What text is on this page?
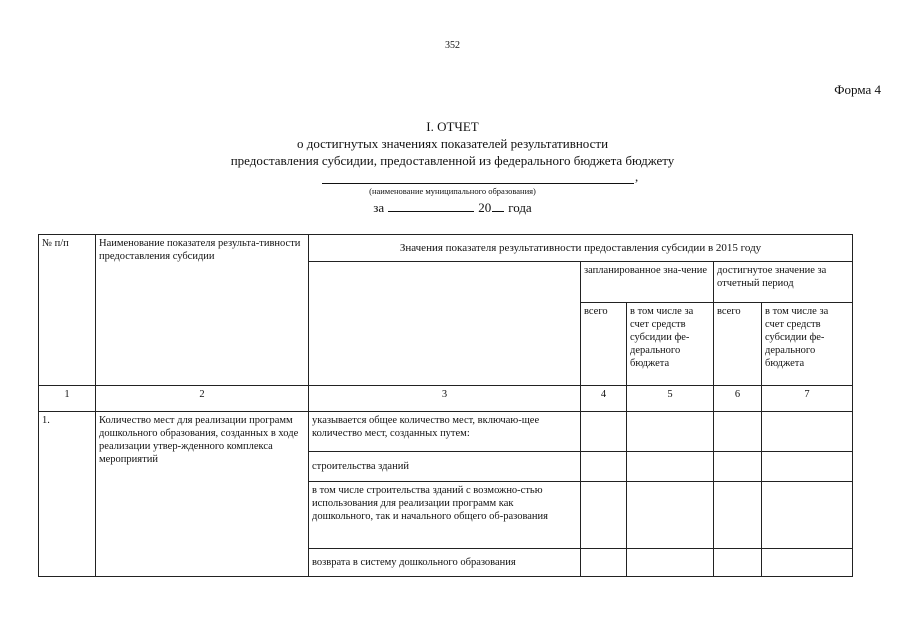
352
Форма 4
I. ОТЧЕТ
о достигнутых значениях показателей результативности
предоставления субсидии, предоставленной из федерального бюджета бюджету
,
(наименование муниципального образования)
за	20 года
№ п/п	Наименование показателя результа-тивности предоставления субсидии	Значения показателя результативности предоставления субсидии в 2015 году				
			запланированное зна-чение		достигнутое значение за отчетный период	
			всего	в том числе за счет средств субсидии фе-дерального бюджета	всего	в том числе за счет средств субсидии фе-дерального бюджета
1	2	3	4	5	6	7
1.	Количество мест для реализации программ дошкольного образования, созданных в ходе реализации утвер-жденного комплекса мероприятий	указывается общее количество мест, включаю-щее количество мест, созданных путем:				
		строительства зданий				
		в том числе строительства зданий с возможно-стью использования для реализации программ как дошкольного, так и начального общего об-разования				
		возврата в систему дошкольного образования				
